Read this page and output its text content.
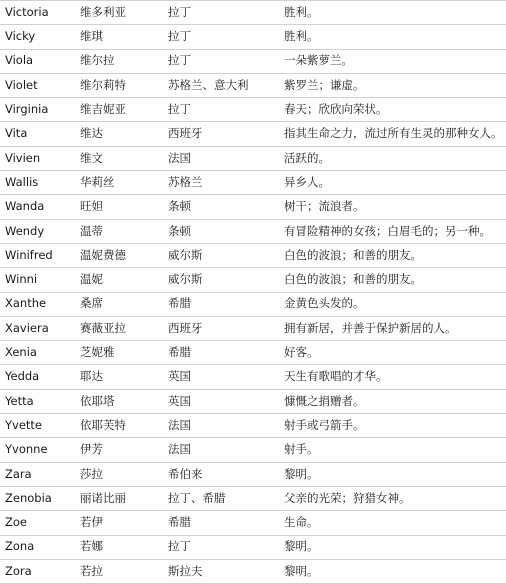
Victoria	维多利亚	拉丁	胜利。
Vicky	维琪	拉丁	胜利。
Viola	维尔拉	拉丁	一朵紫萝兰。
Violet	维尔莉特	苏格兰、意大利	紫罗兰；谦虚。
Virginia	维吉妮亚	拉丁	春天；欣欣向荣状。
Vita	维达	西班牙	指其生命之力，流过所有生灵的那种女人。
Vivien	维文	法国	活跃的。
Wallis	华莉丝	苏格兰	异乡人。
Wanda	旺妲	条顿	树干；流浪者。
Wendy	温蒂	条顿	有冒险精神的女孩；白眉毛的；另一种。
Winifred	温妮费德	威尔斯	白色的波浪；和善的朋友。
Winni	温妮	威尔斯	白色的波浪；和善的朋友。
Xanthe	桑席	希腊	金黄色头发的。
Xaviera	赛薇亚拉	西班牙	拥有新居，并善于保护新居的人。
Xenia	芝妮雅	希腊	好客。
Yedda	耶达	英国	天生有歌唱的才华。
Yetta	依耶塔	英国	慷慨之捐赠者。
Yvette	依耶芙特	法国	射手或弓箭手。
Yvonne	伊芳	法国	射手。
Zara	莎拉	希伯来	黎明。
Zenobia	丽诺比丽	拉丁、希腊	父亲的光荣；狩猎女神。
Zoe	若伊	希腊	生命。
Zona	若娜	拉丁	黎明。
Zora	若拉	斯拉夫	黎明。
